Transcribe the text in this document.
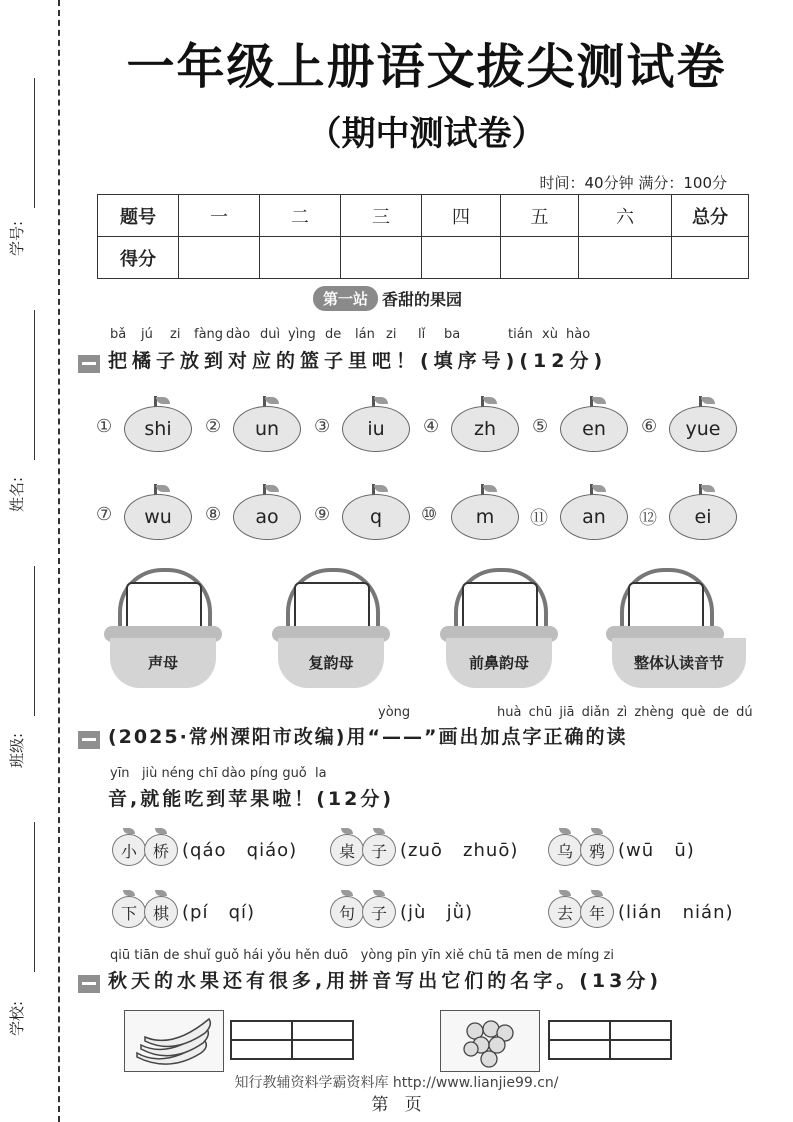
学号:
姓名:
班级:
学校:
一年级上册语文拔尖测试卷
（期中测试卷）
时间：40分钟 满分：100分
题号	一	二	三	四	五	六	总分
得分							
第一站 香甜的果园
bǎ jú zi fàng dào duì yìng de lán zi lǐ ba	tián xù hào
把橘子放到对应的篮子里吧！(填序号)(12分)
①	shi	②	un	③	iu	④	zh	⑤	en	⑥	yue
⑦	wu	⑧	ao	⑨	q	⑩	m	⑪	an	⑫	ei
声母	复韵母	前鼻韵母	整体认读音节
yòng	huà chū jiā diǎn zì zhèng què de dú
(2025·常州溧阳市改编)用“——”画出加点字正确的读
yīn   jiù néng chī dào píng guǒ  la
音,就能吃到苹果啦！(12分)
小 桥 (qáo   qiáo)	桌 子 (zuō   zhuō)	乌 鸦 (wū   ū)
下 棋 (pí   qí)	句 子 (jù   jǜ)	去 年 (lián   nián)
qiū tiān de shuǐ guǒ hái yǒu hěn duō   yòng pīn yīn xiě chū tā men de míng zi
秋天的水果还有很多,用拼音写出它们的名字。(13分)
知行教辅资料学霸资料库 http://www.lianjie99.cn/
第   页
